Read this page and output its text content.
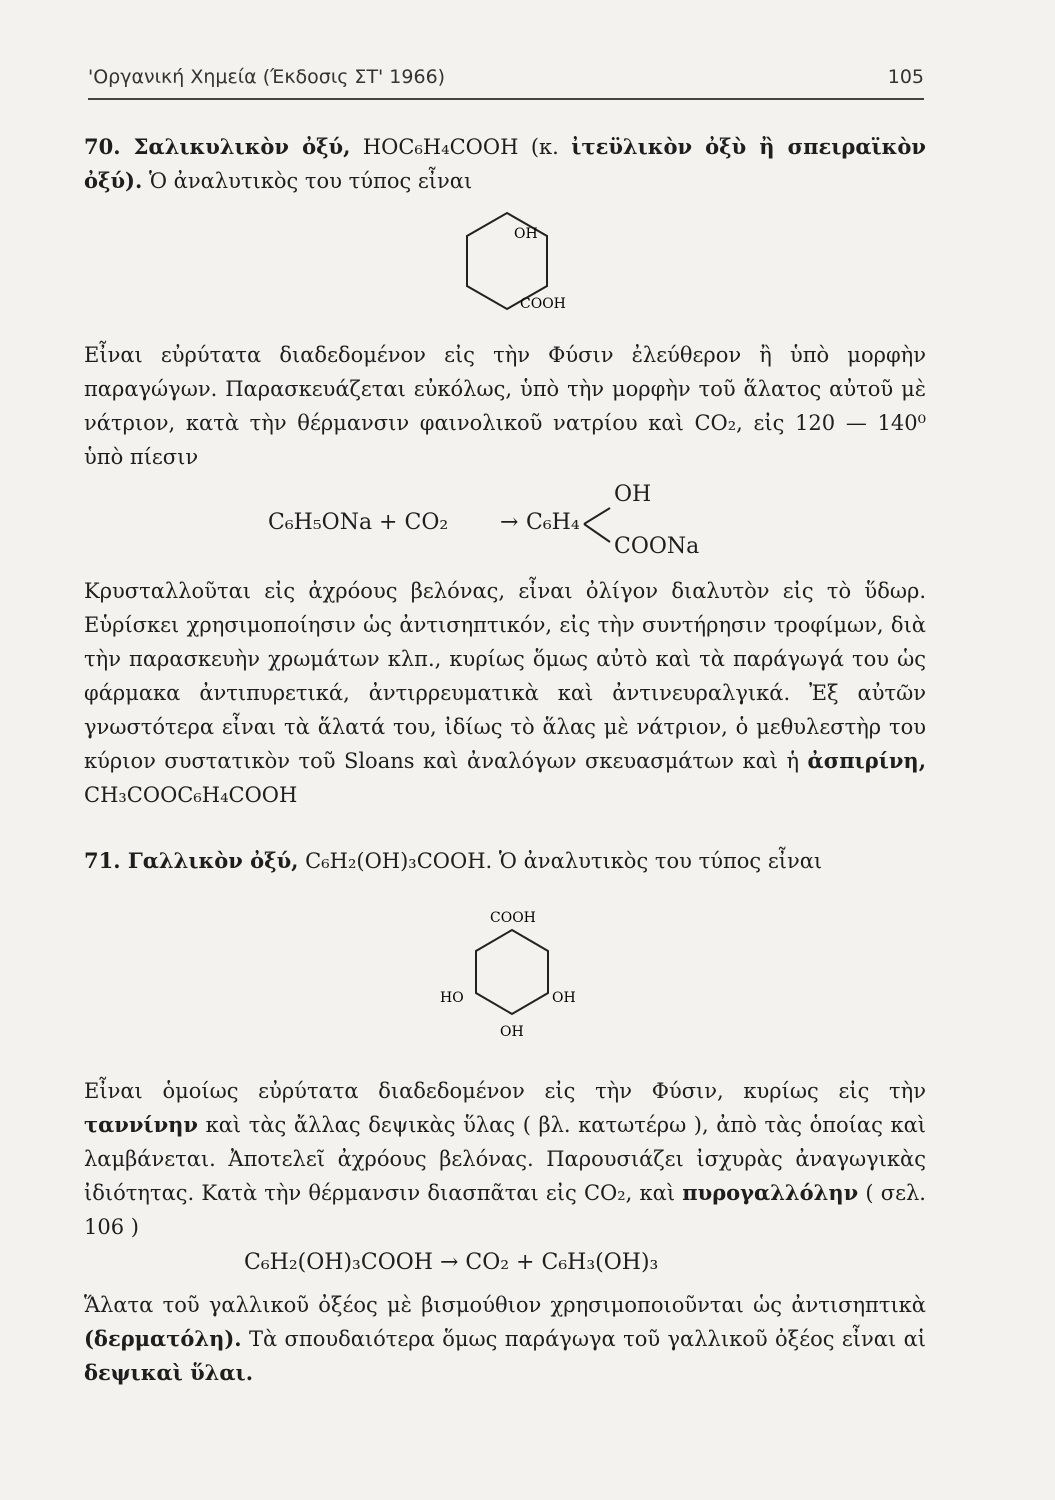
'Οργανική Χημεία (Έκδοσις ΣΤ' 1966)	105
70. Σαλικυλικὸν ὀξύ, HOC₆H₄COOH (κ. ἰτεϋλικὸν ὀξὺ ἢ σπειραϊκὸν ὀξύ). Ὁ ἀναλυτικὸς του τύπος εἶναι
OH
COOH
Εἶναι εὐρύτατα διαδεδομένον εἰς τὴν Φύσιν ἐλεύθερον ἢ ὑπὸ μορφὴν παραγώγων. Παρασκευάζεται εὐκόλως, ὑπὸ τὴν μορφὴν τοῦ ἅλατος αὐτοῦ μὲ νάτριον, κατὰ τὴν θέρμανσιν φαινολικοῦ νατρίου καὶ CO₂, εἰς 120 — 140⁰ ὑπὸ πίεσιν
C₆H₅ONa + CO₂ → C₆H₄
OH
COONa
Κρυσταλλοῦται εἰς ἀχρόους βελόνας, εἶναι ὀλίγον διαλυτὸν εἰς τὸ ὕδωρ. Εὑρίσκει χρησιμοποίησιν ὡς ἀντισηπτικόν, εἰς τὴν συντήρησιν τροφίμων, διὰ τὴν παρασκευὴν χρωμάτων κλπ., κυρίως ὅμως αὐτὸ καὶ τὰ παράγωγά του ὡς φάρμακα ἀντιπυρετικά, ἀντιρρευματικὰ καὶ ἀντινευραλγικά. Ἐξ αὐτῶν γνωστότερα εἶναι τὰ ἅλατά του, ἰδίως τὸ ἅλας μὲ νάτριον, ὁ μεθυλεστὴρ του κύριον συστατικὸν τοῦ Sloans καὶ ἀναλόγων σκευασμάτων καὶ ἡ ἀσπιρίνη, CH₃COOC₆H₄COOH
71. Γαλλικὸν ὀξύ, C₆H₂(OH)₃COOH. Ὁ ἀναλυτικὸς του τύπος εἶναι
COOH
HO	OH
OH
Εἶναι ὁμοίως εὐρύτατα διαδεδομένον εἰς τὴν Φύσιν, κυρίως εἰς τὴν ταννίνην καὶ τὰς ἄλλας δεψικὰς ὕλας ( βλ. κατωτέρω ), ἀπὸ τὰς ὁποίας καὶ λαμβάνεται. Ἀποτελεῖ ἀχρόους βελόνας. Παρουσιάζει ἰσχυρὰς ἀναγωγικὰς ἰδιότητας. Κατὰ τὴν θέρμανσιν διασπᾶται εἰς CO₂, καὶ πυρογαλλόλην ( σελ. 106 )
C₆H₂(OH)₃COOH → CO₂ + C₆H₃(OH)₃
Ἅλατα τοῦ γαλλικοῦ ὀξέος μὲ βισμούθιον χρησιμοποιοῦνται ὡς ἀντισηπτικὰ (δερματόλη). Τὰ σπουδαιότερα ὅμως παράγωγα τοῦ γαλλικοῦ ὀξέος εἶναι αἱ δεψικαὶ ὕλαι.
